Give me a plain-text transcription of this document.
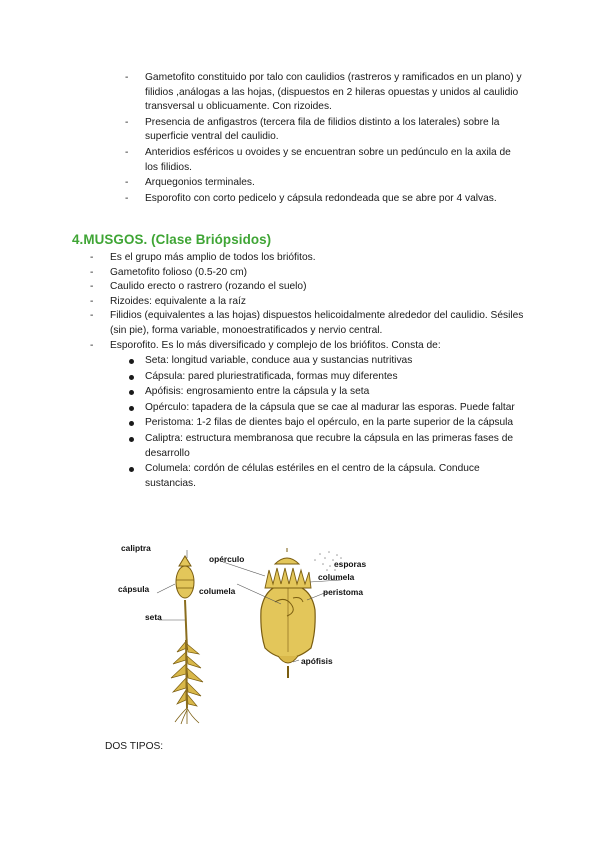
- Gametofito constituido por talo con caulidios (rastreros y ramificados en un plano) y filidios ,análogas a las hojas, (dispuestos en 2 hileras opuestas y unidos al caulidio transversal u oblicuamente. Con rizoides.
- Presencia de anfigastros (tercera fila de filidios distinto a los laterales) sobre la superficie ventral del caulidio.
- Anteridios esféricos u ovoides y se encuentran sobre un pedúnculo en la axila de los filidios.
- Arquegonios terminales.
- Esporofito con corto pedicelo y cápsula redondeada que se abre por 4 valvas.
4.MUSGOS. (Clase Briópsidos)
- Es el grupo más amplio de todos los briófitos.
- Gametofito folioso (0.5-20 cm)
- Caulido erecto o rastrero (rozando el suelo)
- Rizoides: equivalente a la raíz
- Filidios (equivalentes a las hojas) dispuestos helicoidalmente alrededor del caulidio. Sésiles (sin pie), forma variable, monoestratificados y nervio central.
- Esporofito. Es lo más diversificado y complejo de los briófitos. Consta de:
Seta: longitud variable, conduce aua y sustancias nutritivas
Cápsula: pared pluriestratificada, formas muy diferentes
Apófisis: engrosamiento entre la cápsula y la seta
Opérculo: tapadera de la cápsula que se cae al madurar las esporas. Puede faltar
Peristoma: 1-2 filas de dientes bajo el opérculo, en la parte superior de la cápsula
Caliptra: estructura membranosa que recubre la cápsula en las primeras fases de desarrollo
Columela: cordón de células estériles en el centro de la cápsula. Conduce sustancias.
caliptra
opérculo	esporas
columela
cápsula	columela	peristoma
seta
apófisis
DOS TIPOS:
